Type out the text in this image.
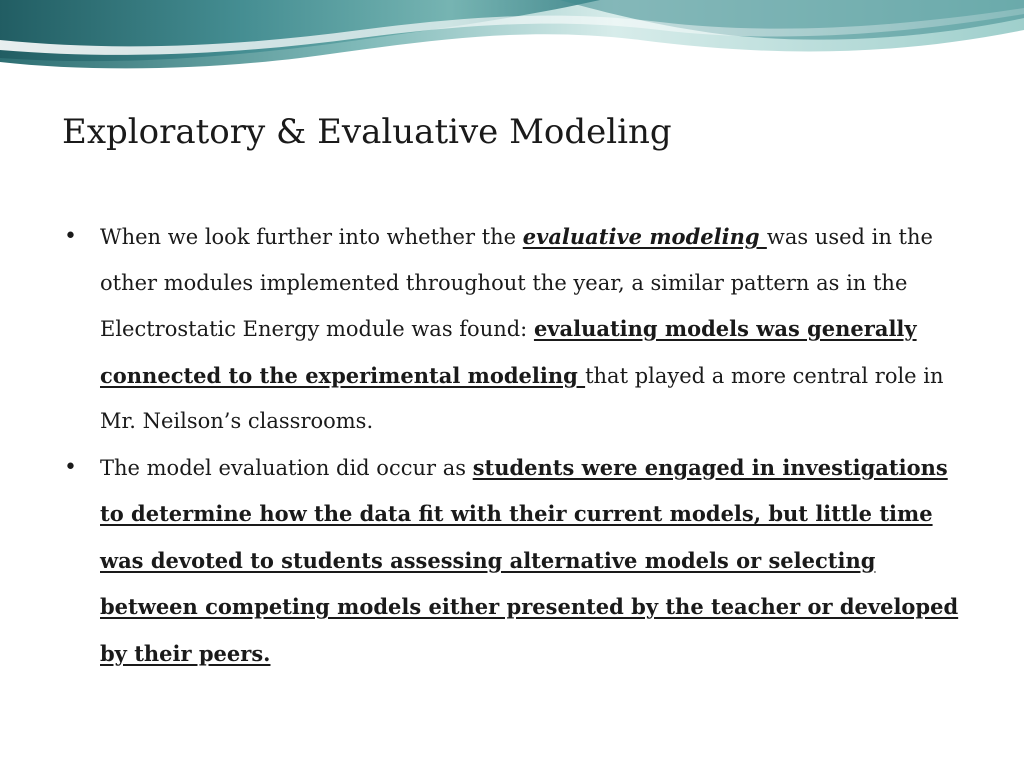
Exploratory & Evaluative Modeling
• When we look further into whether the evaluative modeling was used in the other modules implemented throughout the year, a similar pattern as in the Electrostatic Energy module was found: evaluating models was generally connected to the experimental modeling that played a more central role in Mr. Neilson’s classrooms.
• The model evaluation did occur as students were engaged in investigations to determine how the data fit with their current models, but little time was devoted to students assessing alternative models or selecting between competing models either presented by the teacher or developed by their peers.
